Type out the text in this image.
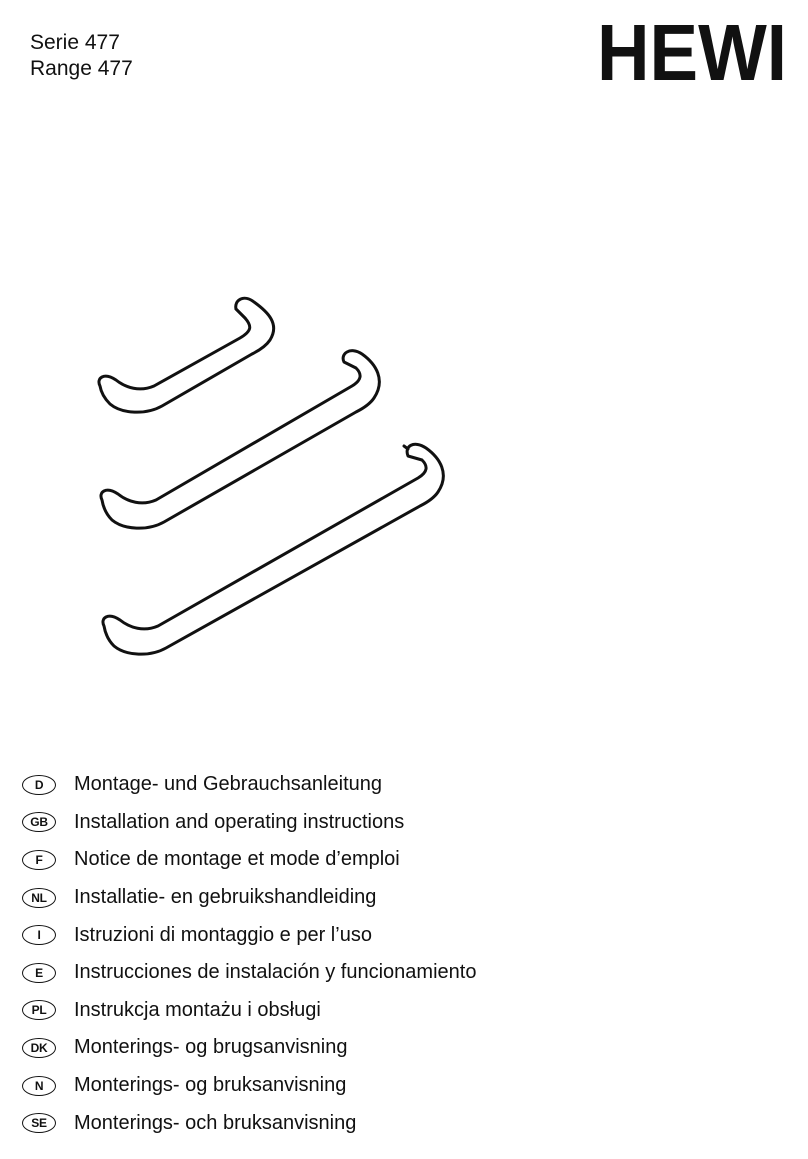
Serie 477
Range 477	HEWI
D	Montage- und Gebrauchsanleitung
GB	Installation and operating instructions
F	Notice de montage et mode d’emploi
NL	Installatie- en gebruikshandleiding
I	Istruzioni di montaggio e per l’uso
E	Instrucciones de instalación y funcionamiento
PL	Instrukcja montażu i obsługi
DK	Monterings- og brugsanvisning
N	Monterings- og bruksanvisning
SE	Monterings- och bruksanvisning
